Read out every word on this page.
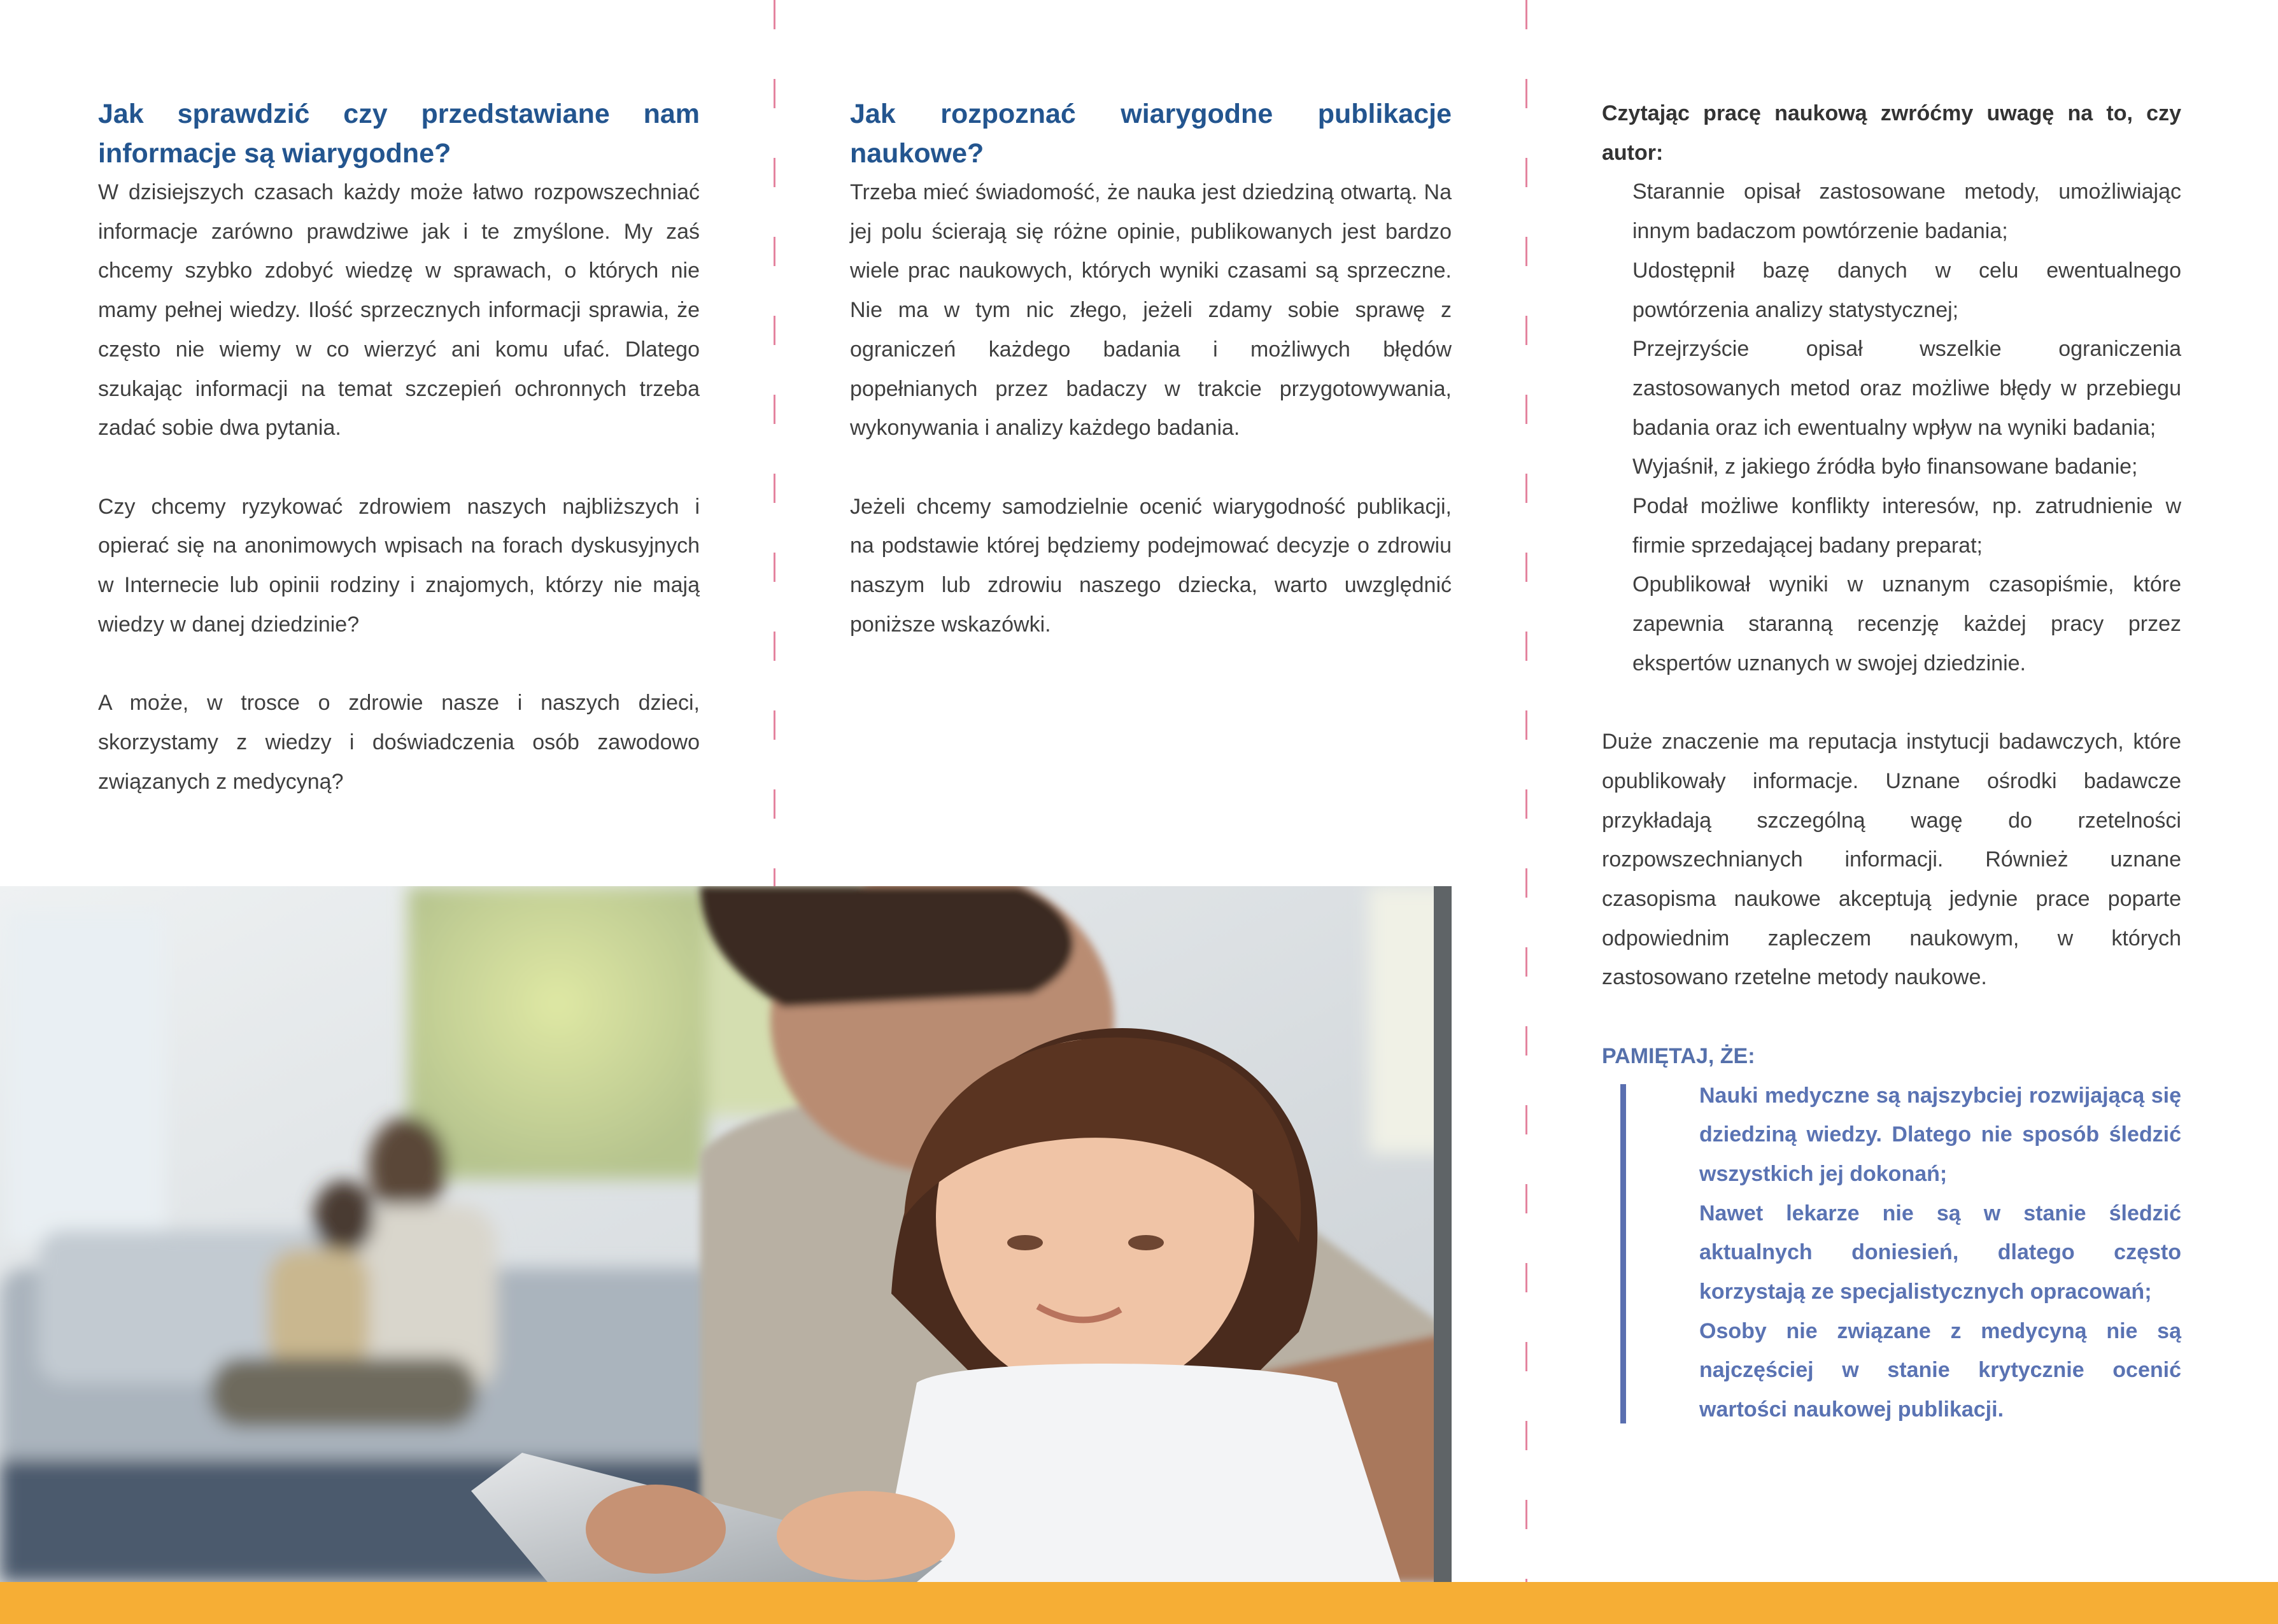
Jak sprawdzić czy przedstawiane nam
informacje są wiarygodne?

W dzisiejszych czasach każdy może łatwo rozpowszechniać informacje zarówno prawdziwe jak i te zmyślone. My zaś chcemy szybko zdobyć wiedzę w sprawach, o których nie mamy pełnej wiedzy. Ilość sprzecznych informacji sprawia, że często nie wiemy w co wierzyć ani komu ufać. Dlatego szukając informacji na temat szczepień ochronnych trzeba zadać sobie dwa pytania.

Czy chcemy ryzykować zdrowiem naszych najbliższych i opierać się na anonimowych wpisach na forach dyskusyjnych w Internecie lub opinii rodziny i znajomych, którzy nie mają wiedzy w danej dziedzinie?

A może, w trosce o zdrowie nasze i naszych dzieci, skorzystamy z wiedzy i doświadczenia osób zawodowo związanych z medycyną?

Jak rozpoznać wiarygodne publikacje
naukowe?

Trzeba mieć świadomość, że nauka jest dziedziną otwartą. Na jej polu ścierają się różne opinie, publikowanych jest bardzo wiele prac naukowych, których wyniki czasami są sprzeczne. Nie ma w tym nic złego, jeżeli zdamy sobie sprawę z ograniczeń każdego badania i możliwych błędów popełnianych przez badaczy w trakcie przygotowywania, wykonywania i analizy każdego badania.

Jeżeli chcemy samodzielnie ocenić wiarygodność publikacji, na podstawie której będziemy podejmować decyzje o zdrowiu naszym lub zdrowiu naszego dziecka, warto uwzględnić poniższe wskazówki.

Czytając pracę naukową zwróćmy uwagę na to, czy autor:

Starannie opisał zastosowane metody, umożliwiając innym badaczom powtórzenie badania;
Udostępnił bazę danych w celu ewentualnego powtórzenia analizy statystycznej;
Przejrzyście opisał wszelkie ograniczenia zastosowanych metod oraz możliwe błędy w przebiegu badania oraz ich ewentualny wpływ na wyniki badania;
Wyjaśnił, z jakiego źródła było finansowane badanie;
Podał możliwe konflikty interesów, np. zatrudnienie w firmie sprzedającej badany preparat;
Opublikował wyniki w uznanym czasopiśmie, które zapewnia staranną recenzję każdej pracy przez ekspertów uznanych w swojej dziedzinie.

Duże znaczenie ma reputacja instytucji badawczych, które opublikowały informacje. Uznane ośrodki badawcze przykładają szczególną wagę do rzetelności rozpowszechnianych informacji. Również uznane czasopisma naukowe akceptują jedynie prace poparte odpowiednim zapleczem naukowym, w których zastosowano rzetelne metody naukowe.

PAMIĘTAJ, ŻE:

Nauki medyczne są najszybciej rozwijającą się dziedziną wiedzy. Dlatego nie sposób śledzić wszystkich jej dokonań;
Nawet lekarze nie są w stanie śledzić aktualnych doniesień, dlatego często korzystają ze specjalistycznych opracowań;
Osoby nie związane z medycyną nie są najczęściej w stanie krytycznie ocenić wartości naukowej publikacji.
